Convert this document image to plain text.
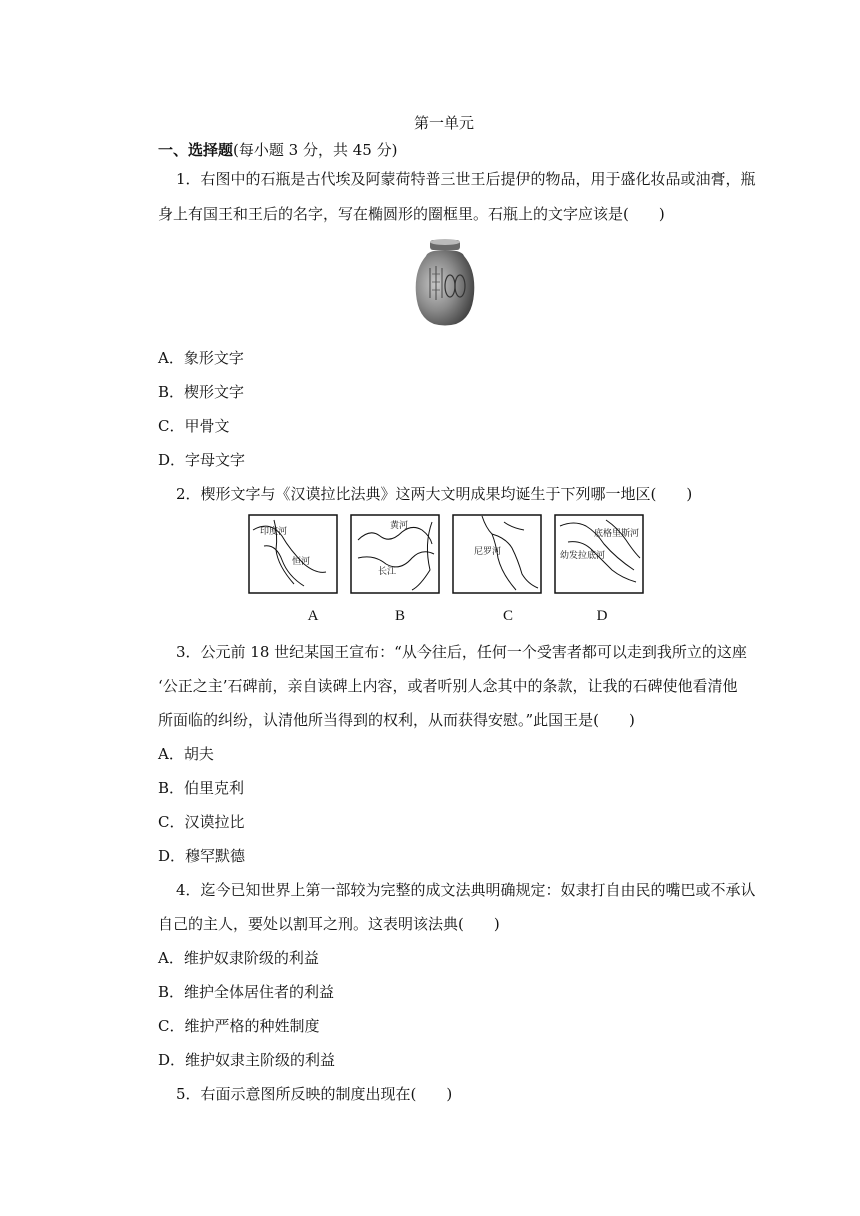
第一单元
一、选择题(每小题 3 分，共 45 分)
1．右图中的石瓶是古代埃及阿蒙荷特普三世王后提伊的物品，用于盛化妆品或油膏，瓶
身上有国王和王后的名字，写在椭圆形的圈框里。石瓶上的文字应该是(　　)
A．象形文字
B．楔形文字
C．甲骨文
D．字母文字
2．楔形文字与《汉谟拉比法典》这两大文明成果均诞生于下列哪一地区(　　)
印度河
恒河
黄河
长江
尼罗河
底格里斯河
幼发拉底河
A	B	C	D
3．公元前 18 世纪某国王宣布：“从今往后，任何一个受害者都可以走到我所立的这座
‘公正之主’石碑前，亲自读碑上内容，或者听别人念其中的条款，让我的石碑使他看清他
所面临的纠纷，认清他所当得到的权利，从而获得安慰。”此国王是(　　)
A．胡夫
B．伯里克利
C．汉谟拉比
D．穆罕默德
4．迄今已知世界上第一部较为完整的成文法典明确规定：奴隶打自由民的嘴巴或不承认
自己的主人，要处以割耳之刑。这表明该法典(　　)
A．维护奴隶阶级的利益
B．维护全体居住者的利益
C．维护严格的种姓制度
D．维护奴隶主阶级的利益
5．右面示意图所反映的制度出现在(　　)
